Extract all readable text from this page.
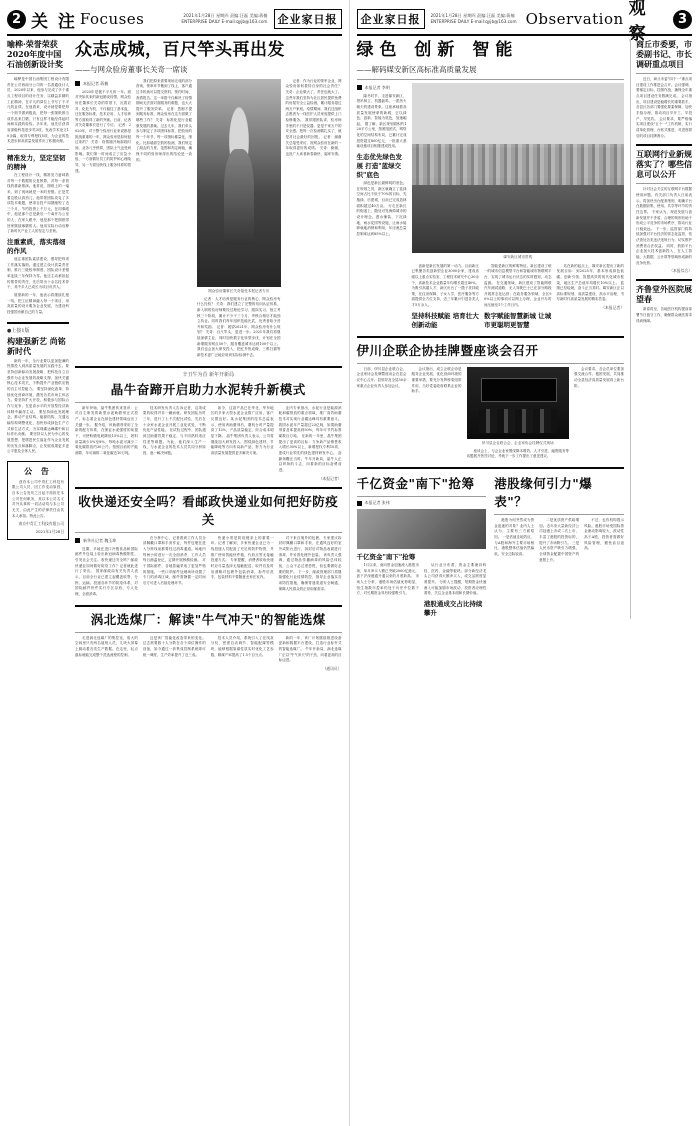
2 关 注 Focuses	2021年1月28日 星期四 责编:汪磊 美编:蒋楠
ENTERPRISE DAILY E-mail:qyjb@163.com 企业家日报
喻桦·荣誉荣获2020年度中国石油创新设计奖

喻桦是中国石油集团工程设计有限责任公司西南分公司的一名普通设计人员，2020年以来，他参与完成了多个重点工程项目的设计任务，以精益求精的工匠精神，在平凡的岗位上书写了不平凡的业绩。在他看来，设计就是要把每一个细节做到极致，把每一张图纸都当成作品来打磨，只有这样才能经得起时间和实践的检验。多年来，他先后获得省部级科技进步奖3项，发表学术论文10余篇，取得专利授权5项，为企业的技术进步和高质量发展作出了积极贡献。

精准发力，坚定坚韧的精神

在工程设计一线，精准发力意味着对每一个数据的反复核算，对每一条管线的重新推演。他常说，图纸上的一毫米，到了现场就是一米的差错。正是凭着这股认真劲儿，他带领团队攻克了多项技术难题，使项目投产周期缩短了近三个月，节约投资上千万元。在同事眼中，他是那个总是最后一个离开办公室的人；在家人眼中，他是那个把图纸带回家继续琢磨的人。他用实际行动诠释了新时代产业工人的坚定与坚韧。

注重素质，落实落细的作风

他注重团队素质建设，倡导把每项工作落实落细。通过建立设计质量责任制、推行三级校审制度，团队设计差错率连续三年保持为零。他还主动承担起传帮带的责任，先后带出十余名技术骨干，其中多人已成长为项目负责人。

展望新的一年，他表示将继续扎根一线，把工匠精神融入每一个项目，用高质量的设计服务企业发展，为建设科技强国贡献自己的力量。

●上接1版
构建强新艺 尚铭新时代

新的一年，全行业要以更加饱满的热情投入到高质量发展的实践中去。要坚持创新驱动发展战略，把科技自立自强作为企业发展的战略支撑，加快关键核心技术攻关，不断提升产业链供应链的自主可控能力。 要坚持深化改革，持续优化营商环境，激发各类市场主体活力。要坚持扩大开放，积极参与国际合作与竞争，在更高水平的开放型经济新体制中赢得主动。 要坚持绿色发展理念，推动产业结构、能源结构、交通运输结构调整优化，加快形成绿色生产方式和生活方式，为实现碳达峰碳中和目标作出贡献。 要坚持以人民为中心的发展思想，把增进民生福祉作为企业发展的出发点和落脚点，让发展成果更多更公平惠及全体人民。

公 告

兹有本公司中青汇工科技有限公司人员，因工作变动原因，自本公告发布之日起不再担任本公司任何职务，其以本公司名义对外从事的一切活动均与本公司无关，由此产生的法律责任由其本人承担。特此公告。

南京中青汇工科技有限公司
2021年1月28日
众志成城，百尺竿头再出发
——与网众验房董事长关奇一席谈
本报记者 蒋楠

2020年是极不平凡的一年。面对突如其来的新冠肺炎疫情，网众验房在董事长关奇的带领下，沉着应对、化危为机，不仅稳住了基本盘，还在服务标准、技术应用、人才培养等方面取得了新的突破。日前，记者对关奇董事长进行了专访。 记者：2020年，对于整个验房行业来说都是挑战重重的一年，网众验房是如何挺过来的？ 关奇：疫情刚开始那段时间，业务几乎停滞，团队士气也受到影响。我们第一时间成立了应急小组，一方面做好员工的防护和心理疏导，另一方面加快线上服务体系的搭建。

我们把原来需要现场完成的部分咨询、预审环节搬到了线上，客户通过手机就可以提交资料、预约时间、查看报告。这一举措不仅解决了疫情期间无法面对面服务的难题，也大大提升了服务效率。 记者：您刚才提到服务标准，网众验房在这方面做了哪些工作？ 关奇：标准化是行业健康发展的基础。过去几年，我们牵头参与制定了多项团体标准，把验房的每一个环节、每一项指标都量化、细化。比如墙面空鼓的检测，我们规定了敲击的力度、范围和判定阈值，确保不同的验房师得出的结论是一致的。

网众验房董事长关奇接受本报记者专访

记者：人才培养是服务行业的核心，网众验房有什么经验？ 关奇：我们建立了完整的培训认证体系，新入职的验房师要经过理论学习、跟岗实习、独立考核三个阶段，累计不少于三个月，考核合格后才能独立执业。同时我们每年组织技能比武，优秀者给予晋升和奖励。 记者：展望2021年，网众验房有什么规划？ 关奇：百尺竿头，更进一步。2021年我们将继续深耕主业，同时加快数字化转型步伐，计划在全国新增服务网点50个，服务覆盖城市达到100个以上。我们也会加大研发投入，把红外热成像、三维扫描等新技术更广泛地应用到实际检测中去。

记者：作为行业的领军企业，网众验房如何看待自身的社会责任？ 关奇：企业做大了，责任也就大了。这些年我们坚持为社区居民提供免费的房屋安全公益检测，累计服务超过两万户家庭。疫情期间，我们还组织志愿者为一线医护人员家庭提供上门检修服务。 我常跟团队讲，验房师手里的不只是仪器，更是千家万户的安全感。把每一次检测做扎实了，就是对社会最好的回报。 记者：谢谢关总接受采访，祝网众验房在新的一年取得更好的成绩。 关奇：谢谢，也祝广大读者新春愉快、阖家安康。

辛丑牛为首 新年开新局
晶牛奋蹄开启助力水泥转升新模式

新年伊始，晶牛集团传来喜讯：公司自主研发的新型水泥助磨剂正式投产，标志着企业在绿色建材领域迈出了关键一步。 据介绍，该助磨剂采用了全新的配方体系，在保证水泥强度的前提下，可使粉磨电耗降低15%以上，熟料用量减少5%至8%，每吨水泥可减少二氧化碳排放约30公斤。按照目前的产能测算，年可减排二氧化碳近10万吨。

技术研发负责人告诉记者，这项成果的取得并非一蹴而就。研发团队历时三年，进行了上千次配比试验，先后在十余家水泥企业开展工业化试验，不断优化产品性能。 在试验过程中，团队遇到过助磨效果不稳定、与不同熟料适应性差等难题。为此，他们深入生产一线，与水泥企业的技术人员共同分析原因，逐一解决问题。

如今，这款产品已在华北、华东地区的多家大型水泥企业推广应用，客户反馈良好。某水泥集团的技术总监表示，使用该助磨剂后，磨机台时产量提高了12%，产品质量稳定，综合成本明显下降。 晶牛集团负责人表示，公司将继续加大研发投入，围绕绿色建材、节能降耗等方向布局新产品，努力为行业高质量发展提供更多解决方案。

业内专家指出，水泥行业是能源消耗和碳排放的重点领域，推广高效助磨技术对实现行业碳达峰具有重要意义。我国水泥年产量超过23亿吨，如果助磨剂普及率提高到50%，每年可节约标准煤数百万吨。 在新的一年里，晶牛集团提出了更高的目标：力争新产品销售收入增长30%以上，新增授权专利10项，建成行业领先的绿色建材研发中心。 奋蹄扬鞭正当时。牛年开新局，晶牛人正以昂扬的斗志，向着新的目标奋勇前进。

（本报记者）
收快递还安全吗？看邮政快递业如何把好防疫关
新华社记者 魏玉坤

近期，多地在进口冷链食品和国际邮件外包装上检出新冠病毒核酸阳性，引发社会关注。收快递还安全吗？邮政快递业如何做好防疫工作？记者就此进行了采访。 国家邮政局有关负责人表示，目前全行业已建立起覆盖收寄、分拣、运输、投递各环节的防疫体系，对国际邮件快件实行专区存放、专人处理、全面消毒。

在分拣中心，记者看到工作人员全部佩戴口罩和手套作业，每件包裹在进入分拣线前都要经过消毒通道。场地内每两小时进行一次全面消杀，工作人员每日测温登记，定期开展核酸检测。 对于国际邮件，各地普遍采取了更加严格的措施。一些口岸邮件处理场所设置了专门的消毒区域，邮件需静置一定时间后方可进入后续处理环节。

快递小哥是防疫链条上的重要一环。记者了解到，多家快递企业已为一线投递人员配备了充足的防护物资，并推广使用智能快件箱、代收点等无接触投递方式。 专家提醒，消费者收取快递时应尽量选择无接触配送，取件后及时用酒精对包裹外包装消毒，拆件后洗手，包装材料不要随意丢弃在室内。

对于来自境外的包裹，专家建议拆封时佩戴口罩和手套，在通风良好的室外或阳台进行，拆封后对物品表面进行消毒，并妥善处理外包装。 该负责人强调，通过物品传播病毒的风险总体较低，公众不必过度恐慌，但也要做好必要的防护。 下一步，邮政管理部门将继续强化行业疫情防控，指导企业落实各项防控措施，确保寄递渠道安全畅通，保障人民群众的正常用邮需求。

涡北选煤厂：解读"牛气冲天"的智能选煤

走进涡北选煤厂的集控室，偌大的空间里只有两名值班人员，几块大屏幕上跳动着各类生产数据。在这里，轻点鼠标就能完成整个洗选流程的控制。

这是该厂智能化改造带来的变化。过去需要数十人分散在各个岗位操作的设备，如今通过一套集成控制系统即可统一调度，生产效率提升了近三成。

技术人员介绍，系统引入了在线灰分仪、密度自动调节、智能配煤等模块，能够根据原煤性质实时优化工艺参数，精煤产率提高了1.5个百分点。

新的一年，该厂计划继续推进设备更新和数据平台建设，打造行业标杆式的智能选煤厂。 牛年开新局，涡北选煤厂正以"牛气冲天"的干劲，向着更高的目标迈进。

（通讯员）
企业家日报	2021年1月28日 星期四 责编:汪磊 美编:蒋楠
ENTERPRISE DAILY E-mail:qyjb@163.com Observation 观 察
3
绿色 创新 智能
——解码媒安新区高标准高质量发展
本报记者 李明

隆冬时节，走进媒安新区，塔吊林立、机器轰鸣，一派热火朝天的建设景象。这座承载着高质量发展使命的新城，正以绿色、创新、智能为底色，加速崛起。 据了解，新区规划面积约120平方公里，按照组团式、网络化的空间结构布局，已累计完成投资超过800亿元，一批重大基础设施项目相继建成投用。

生态优先绿色发展 打造"蓝绿交织"底色

绿色是新区最鲜明的底色。在规划之初，新区就确立了蓝绿空间占比不低于70%的目标，先植绿、后建城，目前已完成造林面积超过40万亩。 行走在新区的街道上，随处可见海绵城市的设计理念。透水铺装、下沉绿地、雨水花园等设施，让雨水能够就地消纳和利用，年径流总量控制率达到85%以上。

媒安新区城市景观

创新是新区发展的第一动力。目前新区已集聚各类创新型企业3000余家，建成省级以上重点实验室、工程技术研究中心30余个，高新技术企业数量年均增长超过40%。 为吸引高端人才，新区出台了一揽子扶持政策，在住房保障、子女入学、医疗服务等方面提供全方位支持，近三年累计引进各类人才5万余人。

坚持科技赋能 培育壮大创新动能

智能是新区的鲜明特征。新区建设了统一的城市信息模型平台和智能城市物联网平台，实现了城市运行状态的实时感知、动态监测。 在交通领域，新区建成了智能网联汽车测试道路，无人驾驶巴士已在部分路段开展常态化运营；在政务服务领域，全区90%以上的事项可以网上办理，企业开办时间压缩至1个工作日内。

数字赋能智慧新城 让城市更聪明更智慧

站在新的起点上，媒安新区提出了新的发展目标：到2025年，基本形成绿色低碳、创新引领、智慧高效的现代化城市框架，地区生产总值年均增长10%以上。 蓝图已经绘就，奋斗正当其时。媒安新区正以高标准规划、高质量建设、高水平治理，书写新时代高质量发展的精彩答卷。

（本报记者）
伊川企联企协挂牌暨座谈会召开

日前，伊川县企业联合会、企业家协会挂牌暨座谈会在县会议中心召开。县领导及全县50余家重点企业负责人参加会议。

会议指出，成立企联企协是服务企业发展、优化营商环境的重要举措，要充分发挥桥梁纽带作用，当好党委政府联系企业的助手。

伊川县企业联合会、企业家协会挂牌仪式现场

座谈会上，与会企业家围绕降本增效、人才引进、融资服务等话题展开热烈讨论，并就下一步工作提出了意见建议。

会议要求，各会员单位要加强交流合作、抱团发展，共同推动全县经济高质量发展再上新台阶。

千亿资金"南下"抢筹
本报记者 张伟
千亿资金"南下"抢筹

1月以来，南向资金加速流入港股市场，单月净买入额已突破2000亿港元，创下沪深港通开通以来的月度新高。 市场人士分析，港股市场估值优势明显，恒生指数市盈率仍处于历史中位数下方，对长期资金具有较强吸引力。

从行业分布看，资金主要流向科技、医药、金融等板块。部分新经济龙头公司获得大额净买入，成交活跃度显著提升。 分析人士提醒，短期资金快速流入可能加剧市场波动，投资者应理性看待，关注企业基本面和长期价值。

港股通成交占比持续攀升
港股缘何引力"爆表"？

港股为何突然成为资金追逐的对象？业内人士认为，主要有三方面原因。 一是估值洼地效应。与A股和海外主要市场相比，港股整体估值仍然偏低，安全边际较高。

二是优质资产供给增加。近年来大量新经济公司赴港上市或二次上市，丰富了港股的投资标的，提升了市场吸引力。 三是人民币资产吸引力增强，全球资金配置中国资产的意愿上升。

不过，也有机构提示风险。港股市场受国际资金流动影响较大，波动性高于A股，投资者需做好风险管理，避免盲目追高。

商丘市委￼要，市委副书记、市长￼调研重点项目

近日，商丘市委"四个一"重点项目建设工作推进会召开。会议强调，要锚定目标、挂图作战，确保全年重点项目建设任务圆满完成。 会议指出，项目建设是稳增长的重要抓手，各县区各部门要强化要素保障，加快手续办理，推动项目早开工、早投产、早见效。 会议要求，要严格落实项目建设"五个一"工作机制，实行清单化管理、台账式推进，对进度滞后的项目挂牌督办。

互联网行业新规落实了？哪些信息可以公开

针对社会关注的互联网平台数据使用问题，有关部门负责人日前表示，将加快出台配套细则，明确平台在数据收集、使用、共享等环节的责任边界。 专家认为，规范发展与创新发展并不矛盾，合理的规则有助于形成公平竞争的市场秩序，推动行业行稳致远。 下一步，监管部门将持续加强对平台经济的常态化监管，依法查处各类违法违规行为，切实维护消费者合法权益。 同时，鼓励平台企业加大技术创新投入，在人工智能、大数据、云计算等领域形成新的竞争优势。

（本报综合）
齐鲁堂外医院展望春

新春将至，各地医疗机构提前部署节日值守工作，确保群众就医需求得到保障。
